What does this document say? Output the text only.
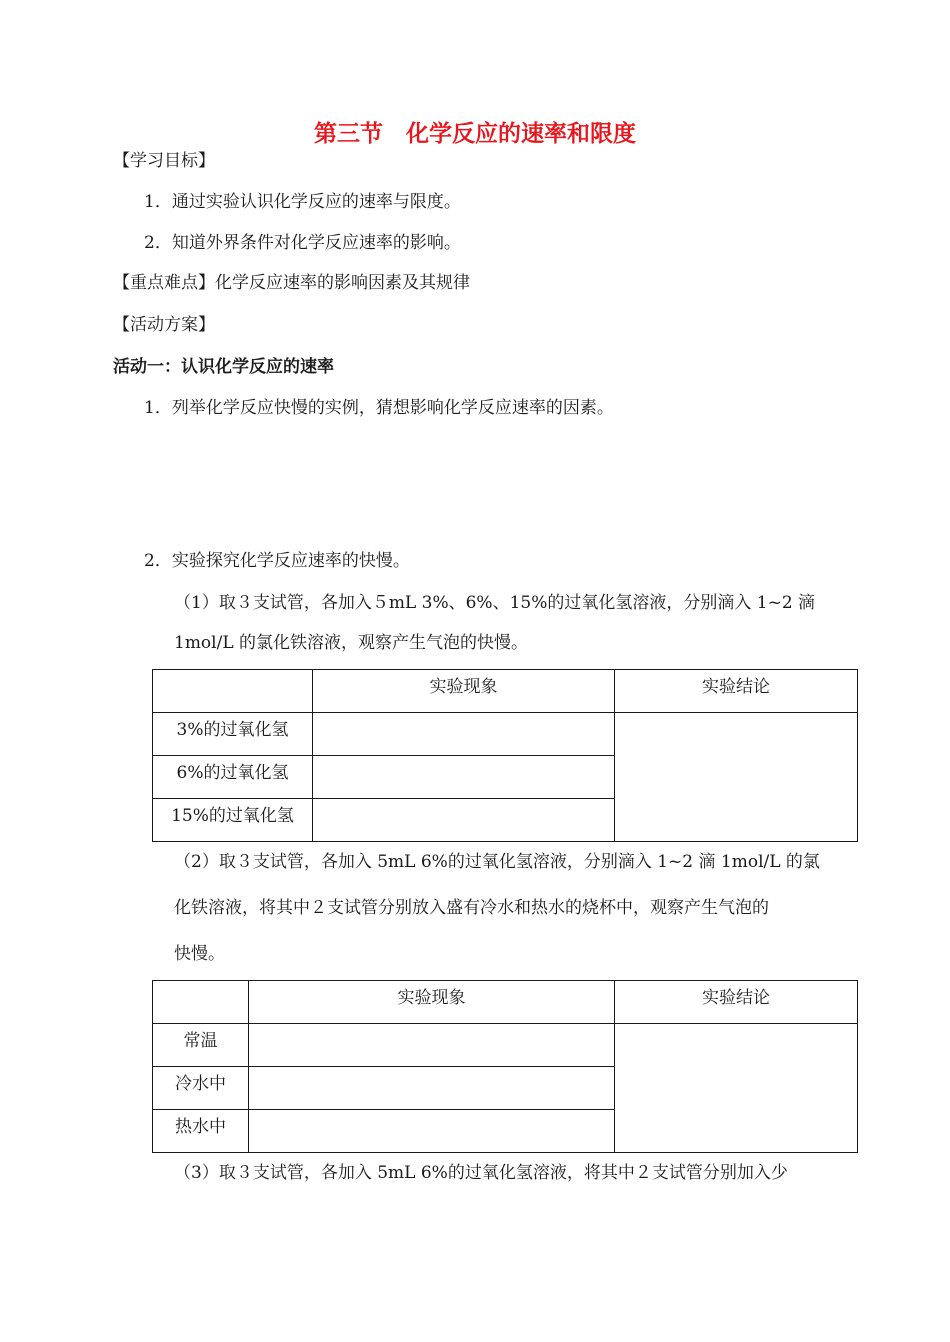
第三节　化学反应的速率和限度
【学习目标】
1．通过实验认识化学反应的速率与限度。
2．知道外界条件对化学反应速率的影响。
【重点难点】化学反应速率的影响因素及其规律
【活动方案】
活动一：认识化学反应的速率
1．列举化学反应快慢的实例，猜想影响化学反应速率的因素。
2．实验探究化学反应速率的快慢。
（1）取３支试管，各加入５mL 3%、6%、15%的过氧化氢溶液，分别滴入 1~2 滴
1mol/L 的氯化铁溶液，观察产生气泡的快慢。

	实验现象	实验结论

3%的过氧化氢		

6%的过氧化氢		

15%的过氧化氢		

（2）取３支试管，各加入 5mL 6%的过氧化氢溶液，分别滴入 1~2 滴 1mol/L 的氯
化铁溶液，将其中２支试管分别放入盛有冷水和热水的烧杯中，观察产生气泡的
快慢。

	实验现象	实验结论

常温		

冷水中		

热水中		

（3）取３支试管，各加入 5mL 6%的过氧化氢溶液，将其中２支试管分别加入少
